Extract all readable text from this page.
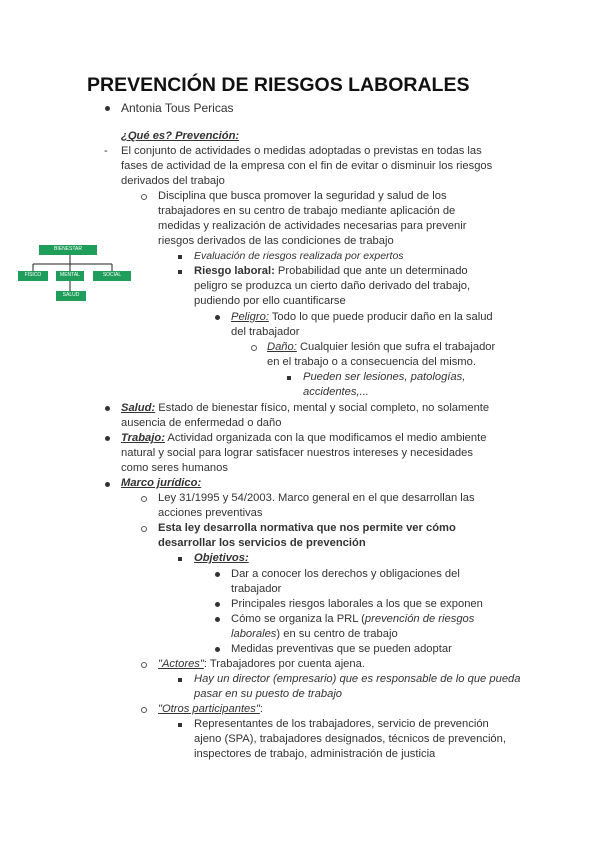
PREVENCIÓN DE RIESGOS LABORALES
Antonia Tous Pericas
¿Qué es? Prevención:
- El conjunto de actividades o medidas adoptadas o previstas en todas las
fases de actividad de la empresa con el fin de evitar o disminuir los riesgos
derivados del trabajo
Disciplina que busca promover la seguridad y salud de los
trabajadores en su centro de trabajo mediante aplicación de
medidas y realización de actividades necesarias para prevenir
riesgos derivados de las condiciones de trabajo
Evaluación de riesgos realizada por expertos
Riesgo laboral: Probabilidad que ante un determinado
peligro se produzca un cierto daño derivado del trabajo,
pudiendo por ello cuantificarse
Peligro: Todo lo que puede producir daño en la salud
del trabajador
Daño: Cualquier lesión que sufra el trabajador
en el trabajo o a consecuencia del mismo.
Pueden ser lesiones, patologías,
accidentes,...
BIENESTAR
FÍSICO	MENTAL	SOCIAL
SALUD
Salud: Estado de bienestar físico, mental y social completo, no solamente
ausencia de enfermedad o daño
Trabajo: Actividad organizada con la que modificamos el medio ambiente
natural y social para lograr satisfacer nuestros intereses y necesidades
como seres humanos
Marco jurídico:
Ley 31/1995 y 54/2003. Marco general en el que desarrollan las
acciones preventivas
Esta ley desarrolla normativa que nos permite ver cómo
desarrollar los servicios de prevención
Objetivos:
Dar a conocer los derechos y obligaciones del
trabajador
Principales riesgos laborales a los que se exponen
Cómo se organiza la PRL (prevención de riesgos
laborales) en su centro de trabajo
Medidas preventivas que se pueden adoptar
"Actores": Trabajadores por cuenta ajena.
Hay un director (empresario) que es responsable de lo que pueda
pasar en su puesto de trabajo
"Otros participantes":
Representantes de los trabajadores, servicio de prevención
ajeno (SPA), trabajadores designados, técnicos de prevención,
inspectores de trabajo, administración de justicia
